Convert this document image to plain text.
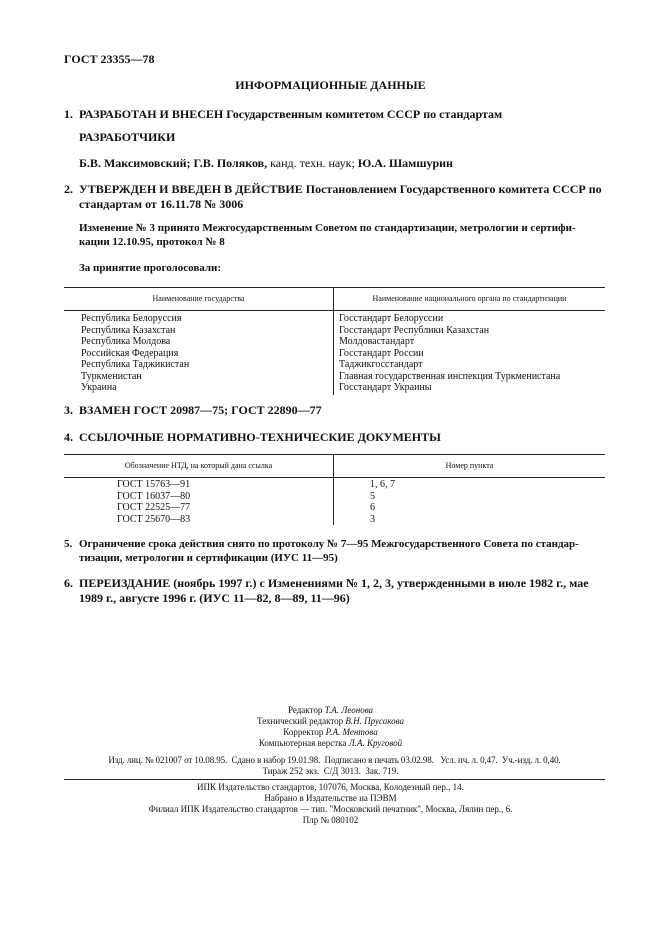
ГОСТ 23355—78
ИНФОРМАЦИОННЫЕ ДАННЫЕ
1. РАЗРАБОТАН И ВНЕСЕН Государственным комитетом СССР по стандартам
РАЗРАБОТЧИКИ
Б.В. Максимовский; Г.В. Поляков, канд. техн. наук; Ю.А. Шамшурин
2. УТВЕРЖДЕН И ВВЕДЕН В ДЕЙСТВИЕ Постановлением Государственного комитета СССР по
стандартам от 16.11.78 № 3006
Изменение № 3 принято Межгосударственным Советом по стандартизации, метрологии и сертифи-
кации 12.10.95, протокол № 8
За принятие проголосовали:
Наименование государства	Наименование национального органа по стандартизации
Республика Белоруссия
Республика Казахстан
Республика Молдова
Российская Федерация
Республика Таджикистан
Туркменистан
Украина
Госстандарт Белоруссии
Госстандарт Республики Казахстан
Молдовастандарт
Госстандарт России
Таджикгосстандарт
Главная государственная инспекция Туркменистана
Госстандарт Украины
3. ВЗАМЕН ГОСТ 20987—75; ГОСТ 22890—77
4. ССЫЛОЧНЫЕ НОРМАТИВНО-ТЕХНИЧЕСКИЕ ДОКУМЕНТЫ
Обозначение НТД, на который дана ссылка	Номер пункта
ГОСТ 15763—91
ГОСТ 16037—80
ГОСТ 22525—77
ГОСТ 25670—83
1, 6, 7
5
6
3
5. Ограничение срока действия снято по протоколу № 7—95 Межгосударственного Совета по стандар-
тизации, метрологии и сертификации (ИУС 11—95)
6. ПЕРЕИЗДАНИЕ (ноябрь 1997 г.) с Изменениями № 1, 2, 3, утвержденными в июле 1982 г., мае
1989 г., августе 1996 г. (ИУС 11—82, 8—89, 11—96)
Редактор Т.А. Леонова
Технический редактор В.Н. Прусакова
Корректор Р.А. Ментова
Компьютерная верстка Л.А. Круговой
Изд. лиц. № 021007 от 10.08.95.  Сдано в набор 19.01.98.  Подписано в печать 03.02.98.   Усл. пч. л. 0,47.  Уч.-изд. л. 0,40.
Тираж 252 экз.  С/Д 3013.  Зак. 719.
ИПК Издательство стандартов, 107076, Москва, Колодезный пер., 14.
Набрано в Издательстве на ПЭВМ
Филиал ИПК Издательство стандартов — тип. "Московский печатник", Москва, Лялин пер., 6.
Плр № 080102
